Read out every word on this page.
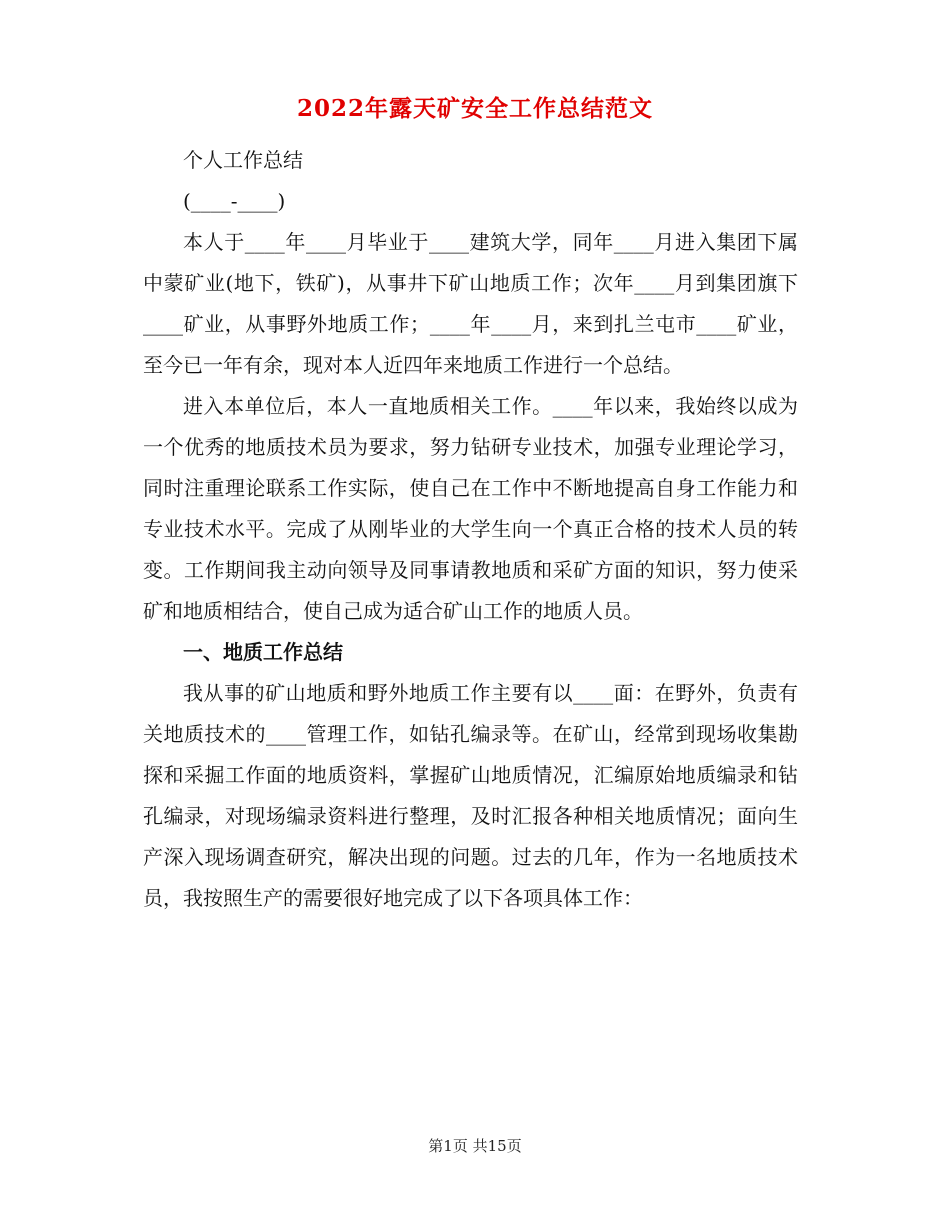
2022年露天矿安全工作总结范文

个人工作总结

(____-____)

本人于____年____月毕业于____建筑大学，同年____月进入集团下属中蒙矿业(地下，铁矿)，从事井下矿山地质工作；次年____月到集团旗下____矿业，从事野外地质工作；____年____月，来到扎兰屯市____矿业，至今已一年有余，现对本人近四年来地质工作进行一个总结。

进入本单位后，本人一直地质相关工作。____年以来，我始终以成为一个优秀的地质技术员为要求，努力钻研专业技术，加强专业理论学习，同时注重理论联系工作实际，使自己在工作中不断地提高自身工作能力和专业技术水平。完成了从刚毕业的大学生向一个真正合格的技术人员的转变。工作期间我主动向领导及同事请教地质和采矿方面的知识，努力使采矿和地质相结合，使自己成为适合矿山工作的地质人员。

一、地质工作总结

我从事的矿山地质和野外地质工作主要有以____面：在野外，负责有关地质技术的____管理工作，如钻孔编录等。在矿山，经常到现场收集勘探和采掘工作面的地质资料，掌握矿山地质情况，汇编原始地质编录和钻孔编录，对现场编录资料进行整理，及时汇报各种相关地质情况；面向生产深入现场调查研究，解决出现的问题。过去的几年，作为一名地质技术员，我按照生产的需要很好地完成了以下各项具体工作：

第1页 共15页
